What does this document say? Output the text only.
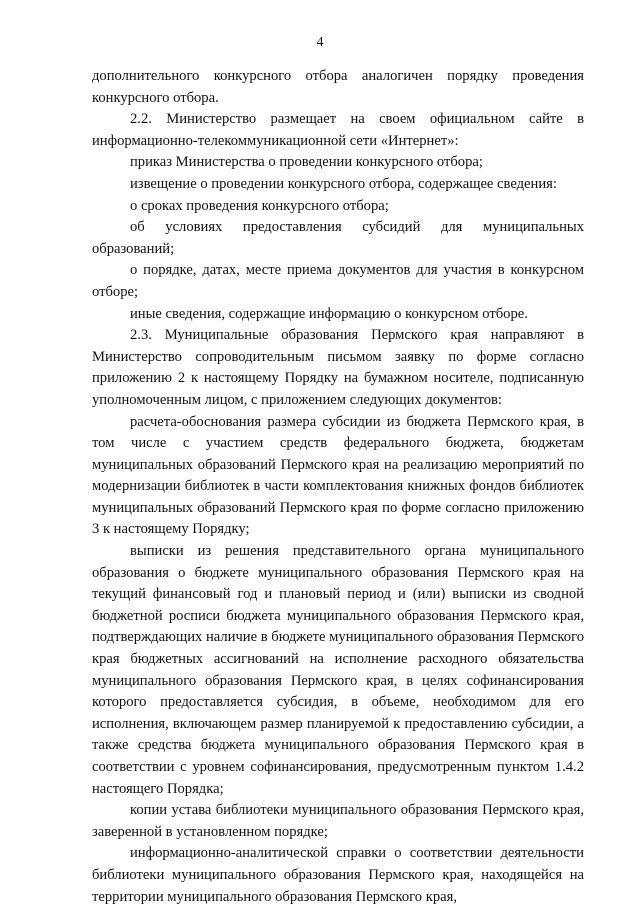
4

дополнительного конкурсного отбора аналогичен порядку проведения конкурсного отбора.

2.2. Министерство размещает на своем официальном сайте в информационно-телекоммуникационной сети «Интернет»:

приказ Министерства о проведении конкурсного отбора;

извещение о проведении конкурсного отбора, содержащее сведения:

о сроках проведения конкурсного отбора;

об условиях предоставления субсидий для муниципальных образований;

о порядке, датах, месте приема документов для участия в конкурсном отборе;

иные сведения, содержащие информацию о конкурсном отборе.

2.3. Муниципальные образования Пермского края направляют в Министерство сопроводительным письмом заявку по форме согласно приложению 2 к настоящему Порядку на бумажном носителе, подписанную уполномоченным лицом, с приложением следующих документов:

расчета-обоснования размера субсидии из бюджета Пермского края, в том числе с участием средств федерального бюджета, бюджетам муниципальных образований Пермского края на реализацию мероприятий по модернизации библиотек в части комплектования книжных фондов библиотек муниципальных образований Пермского края по форме согласно приложению 3 к настоящему Порядку;

выписки из решения представительного органа муниципального образования о бюджете муниципального образования Пермского края на текущий финансовый год и плановый период и (или) выписки из сводной бюджетной росписи бюджета муниципального образования Пермского края, подтверждающих наличие в бюджете муниципального образования Пермского края бюджетных ассигнований на исполнение расходного обязательства муниципального образования Пермского края, в целях софинансирования которого предоставляется субсидия, в объеме, необходимом для его исполнения, включающем размер планируемой к предоставлению субсидии, а также средства бюджета муниципального образования Пермского края в соответствии с уровнем софинансирования, предусмотренным пунктом 1.4.2 настоящего Порядка;

копии устава библиотеки муниципального образования Пермского края, заверенной в установленном порядке;

информационно-аналитической справки о соответствии деятельности библиотеки муниципального образования Пермского края, находящейся на территории муниципального образования Пермского края,
